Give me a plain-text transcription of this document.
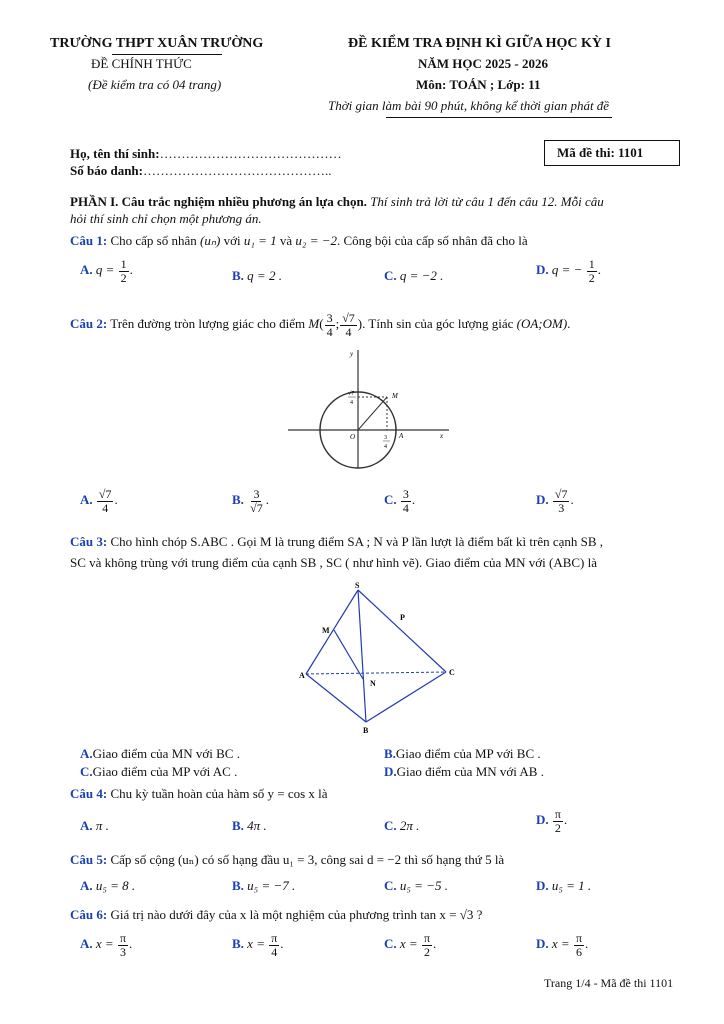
TRƯỜNG THPT XUÂN TRƯỜNG
ĐỀ CHÍNH THỨC
(Đề kiểm tra có 04 trang)
ĐỀ KIỂM TRA ĐỊNH KÌ GIỮA HỌC KỲ I
NĂM HỌC 2025 - 2026
Môn: TOÁN ; Lớp: 11
Thời gian làm bài 90 phút, không kể thời gian phát đề
Họ, tên thí sinh:……………………………………
Số báo danh:……………………………………..
Mã đề thi: 1101
PHẦN I. Câu trắc nghiệm nhiều phương án lựa chọn. Thí sinh trả lời từ câu 1 đến câu 12. Mỗi câu
hỏi thí sinh chỉ chọn một phương án.
Câu 1: Cho cấp số nhân (uₙ) với u₁ = 1 và u₂ = −2. Công bội của cấp số nhân đã cho là
A. $q = \frac{1}{2}$ .	B. q = 2 .	C. q = −2 .	D. q = − $\frac{1}{2}$ .
Câu 2: Trên đường tròn lượng giác cho điểm $M( \frac{3}{4}$ ; $\frac{√7}{4}$ ). Tính sin của góc lượng giác (OA;OM).
y
x
O	A
M
√7
4
3
4
A. $\frac{√7}{4}$ .	B. $\frac{3}{√7}$ .	C. $\frac{3}{4}$ .	D. $\frac{√7}{3}$ .
Câu 3: Cho hình chóp S.ABC . Gọi M là trung điểm SA ; N và P lần lượt là điểm bất kì trên cạnh SB ,
SC và không trùng với trung điểm của cạnh SB , SC ( như hình vẽ). Giao điểm của MN với (ABC) là
S
M
P
A
N
C
B
A.Giao điểm của MN với BC .	B.Giao điểm của MP với BC .
C.Giao điểm của MP với AC .	D.Giao điểm của MN với AB .
Câu 4: Chu kỳ tuần hoàn của hàm số y = cos x là
A. π .	B. 4π .	C. 2π .	D. $\frac{\pi}{2}$ .
Câu 5: Cấp số cộng (uₙ) có số hạng đầu u₁ = 3, công sai d = −2 thì số hạng thứ 5 là
A. u₅ = 8 .	B. u₅ = −7 .	C. u₅ = −5 .	D. u₅ = 1 .
Câu 6: Giá trị nào dưới đây của x là một nghiệm của phương trình tan x = √3 ?
A. $x = \frac{\pi}{3}$ .	B. $x = \frac{\pi}{4}$ .	C. $x = \frac{\pi}{2}$ .	D. $x = \frac{\pi}{6}$ .
Trang 1/4 - Mã đề thi 1101
